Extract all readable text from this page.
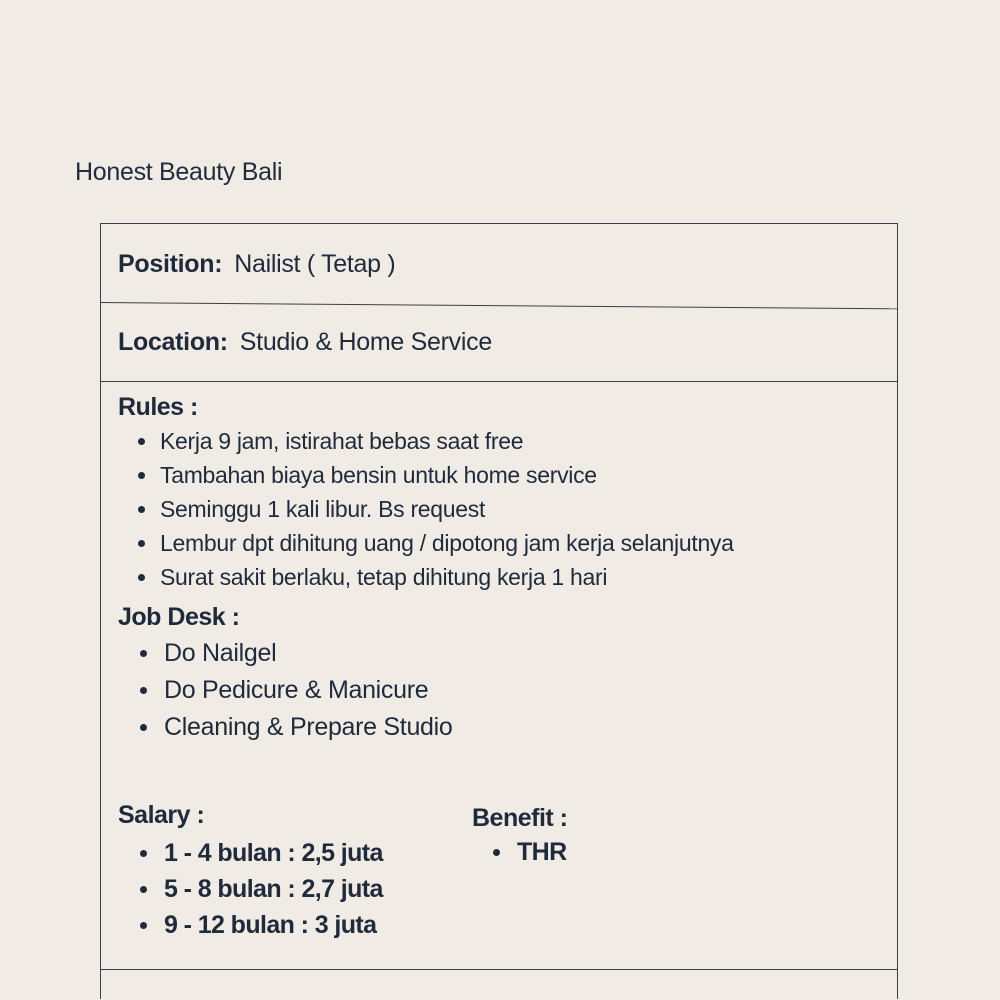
Honest Beauty Bali
Position: Nailist ( Tetap )
Location: Studio & Home Service
Rules :
Kerja 9 jam, istirahat bebas saat free
Tambahan biaya bensin untuk home service
Seminggu 1 kali libur. Bs request
Lembur dpt dihitung uang / dipotong jam kerja selanjutnya
Surat sakit berlaku, tetap dihitung kerja 1 hari
Job Desk :
Do Nailgel
Do Pedicure & Manicure
Cleaning & Prepare Studio
Salary :
1 - 4 bulan : 2,5 juta
5 - 8 bulan : 2,7 juta
9 - 12 bulan : 3 juta
Benefit :
THR
